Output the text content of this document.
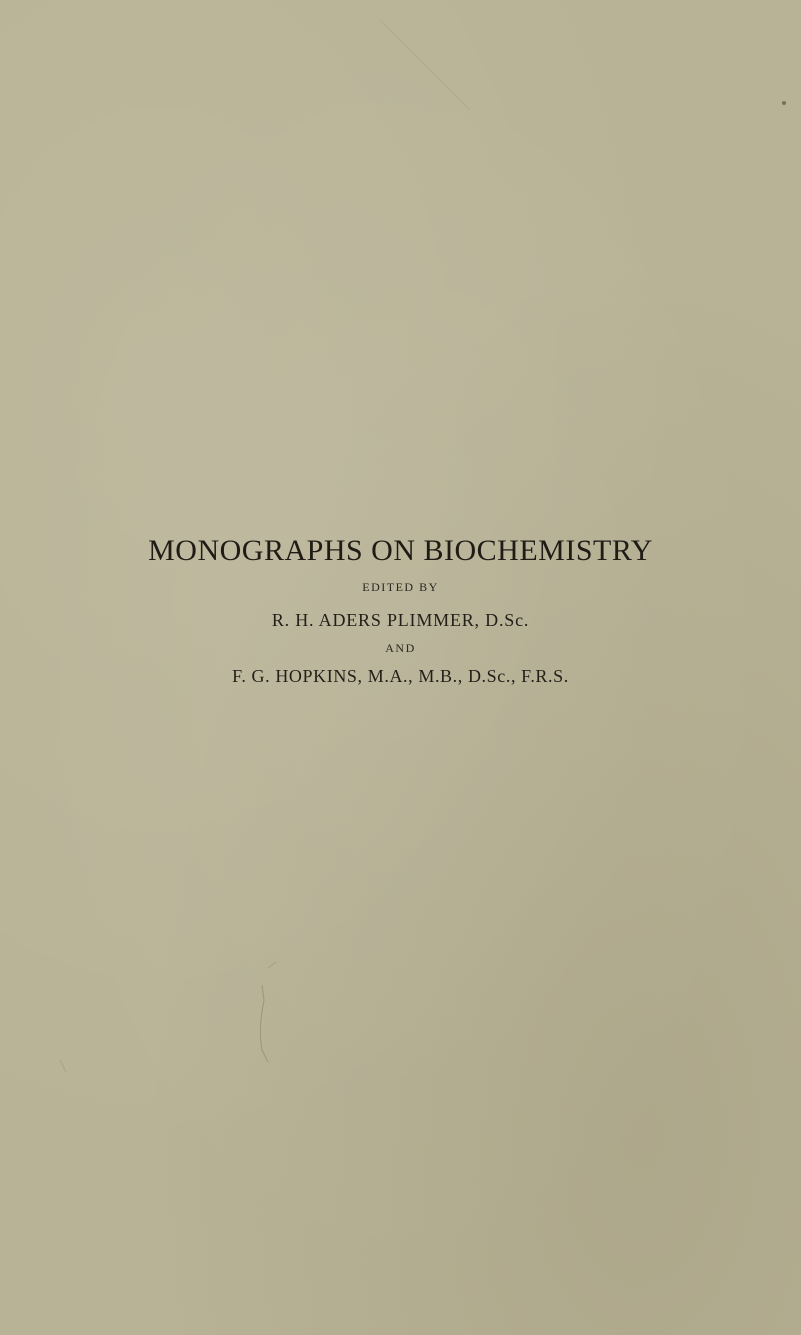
MONOGRAPHS ON BIOCHEMISTRY
EDITED BY
R. H. ADERS PLIMMER, D.Sc.
AND
F. G. HOPKINS, M.A., M.B., D.Sc., F.R.S.
